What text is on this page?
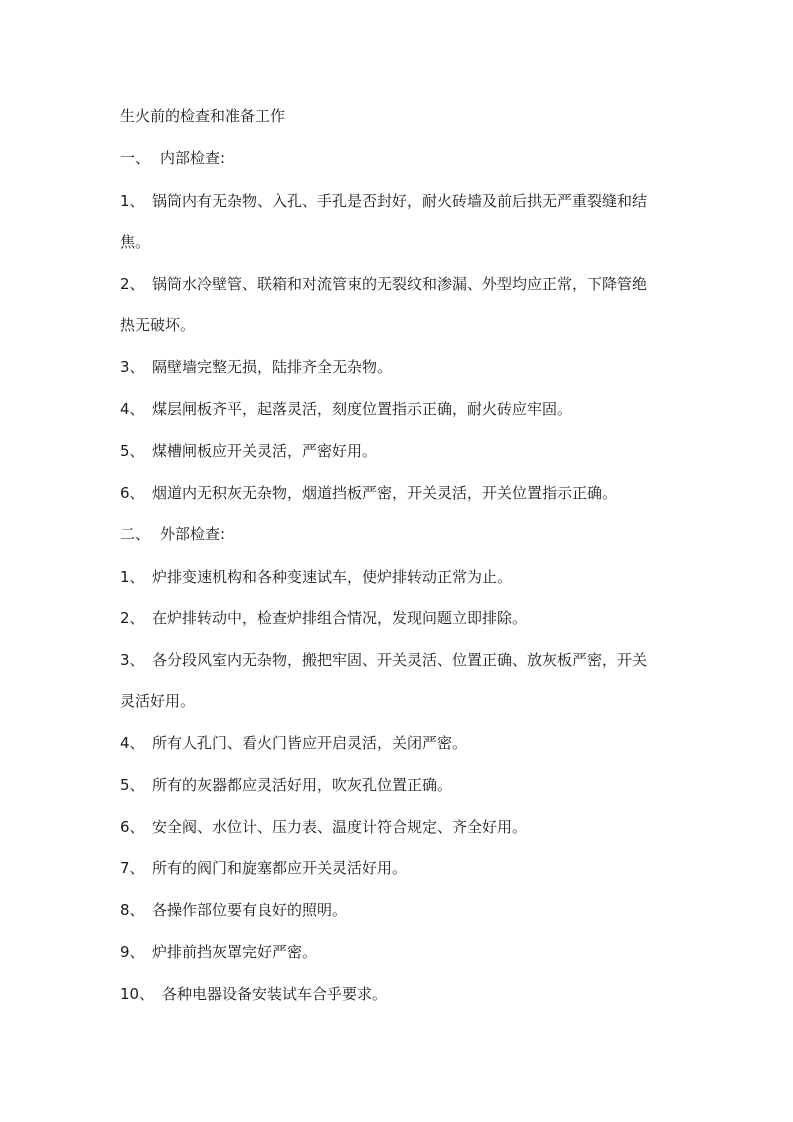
生火前的检查和准备工作
一、 内部检查:
1、 锅筒内有无杂物、入孔、手孔是否封好，耐火砖墙及前后拱无严重裂缝和结
焦。
2、 锅筒水冷壁管、联箱和对流管束的无裂纹和渗漏、外型均应正常，下降管绝
热无破坏。
3、 隔壁墙完整无损，陆排齐全无杂物。
4、 煤层闸板齐平，起落灵活，刻度位置指示正确，耐火砖应牢固。
5、 煤槽闸板应开关灵活，严密好用。
6、 烟道内无积灰无杂物，烟道挡板严密，开关灵活，开关位置指示正确。
二、 外部检查:
1、 炉排变速机构和各种变速试车，使炉排转动正常为止。
2、 在炉排转动中，检查炉排组合情况，发现问题立即排除。
3、 各分段风室内无杂物，搬把牢固、开关灵活、位置正确、放灰板严密，开关
灵活好用。
4、 所有人孔门、看火门皆应开启灵活，关闭严密。
5、 所有的灰器都应灵活好用，吹灰孔位置正确。
6、 安全阀、水位计、压力表、温度计符合规定、齐全好用。
7、 所有的阀门和旋塞都应开关灵活好用。
8、 各操作部位要有良好的照明。
9、 炉排前挡灰罩完好严密。
10、 各种电器设备安装试车合乎要求。
